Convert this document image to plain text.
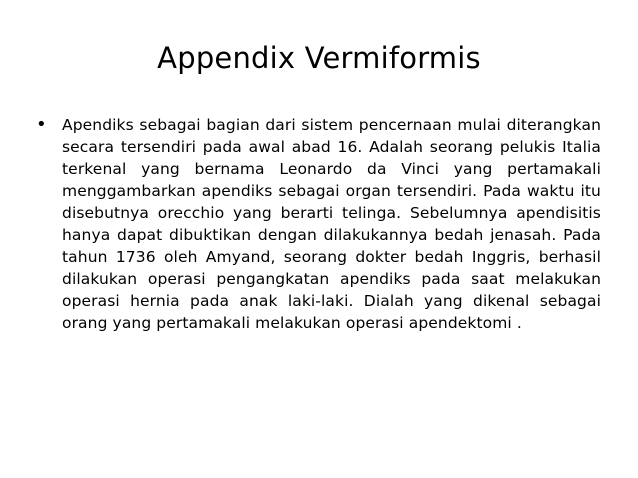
Appendix Vermiformis
• Apendiks sebagai bagian dari sistem pencernaan mulai diterangkan secara tersendiri pada awal abad 16. Adalah seorang pelukis Italia terkenal yang bernama Leonardo da Vinci yang pertamakali menggambarkan apendiks sebagai organ tersendiri. Pada waktu itu disebutnya orecchio yang berarti telinga. Sebelumnya apendisitis hanya dapat dibuktikan dengan dilakukannya bedah jenasah. Pada tahun 1736 oleh Amyand, seorang dokter bedah Inggris, berhasil dilakukan operasi pengangkatan apendiks pada saat melakukan operasi hernia pada anak laki-laki. Dialah yang dikenal sebagai orang yang pertamakali melakukan operasi apendektomi .
